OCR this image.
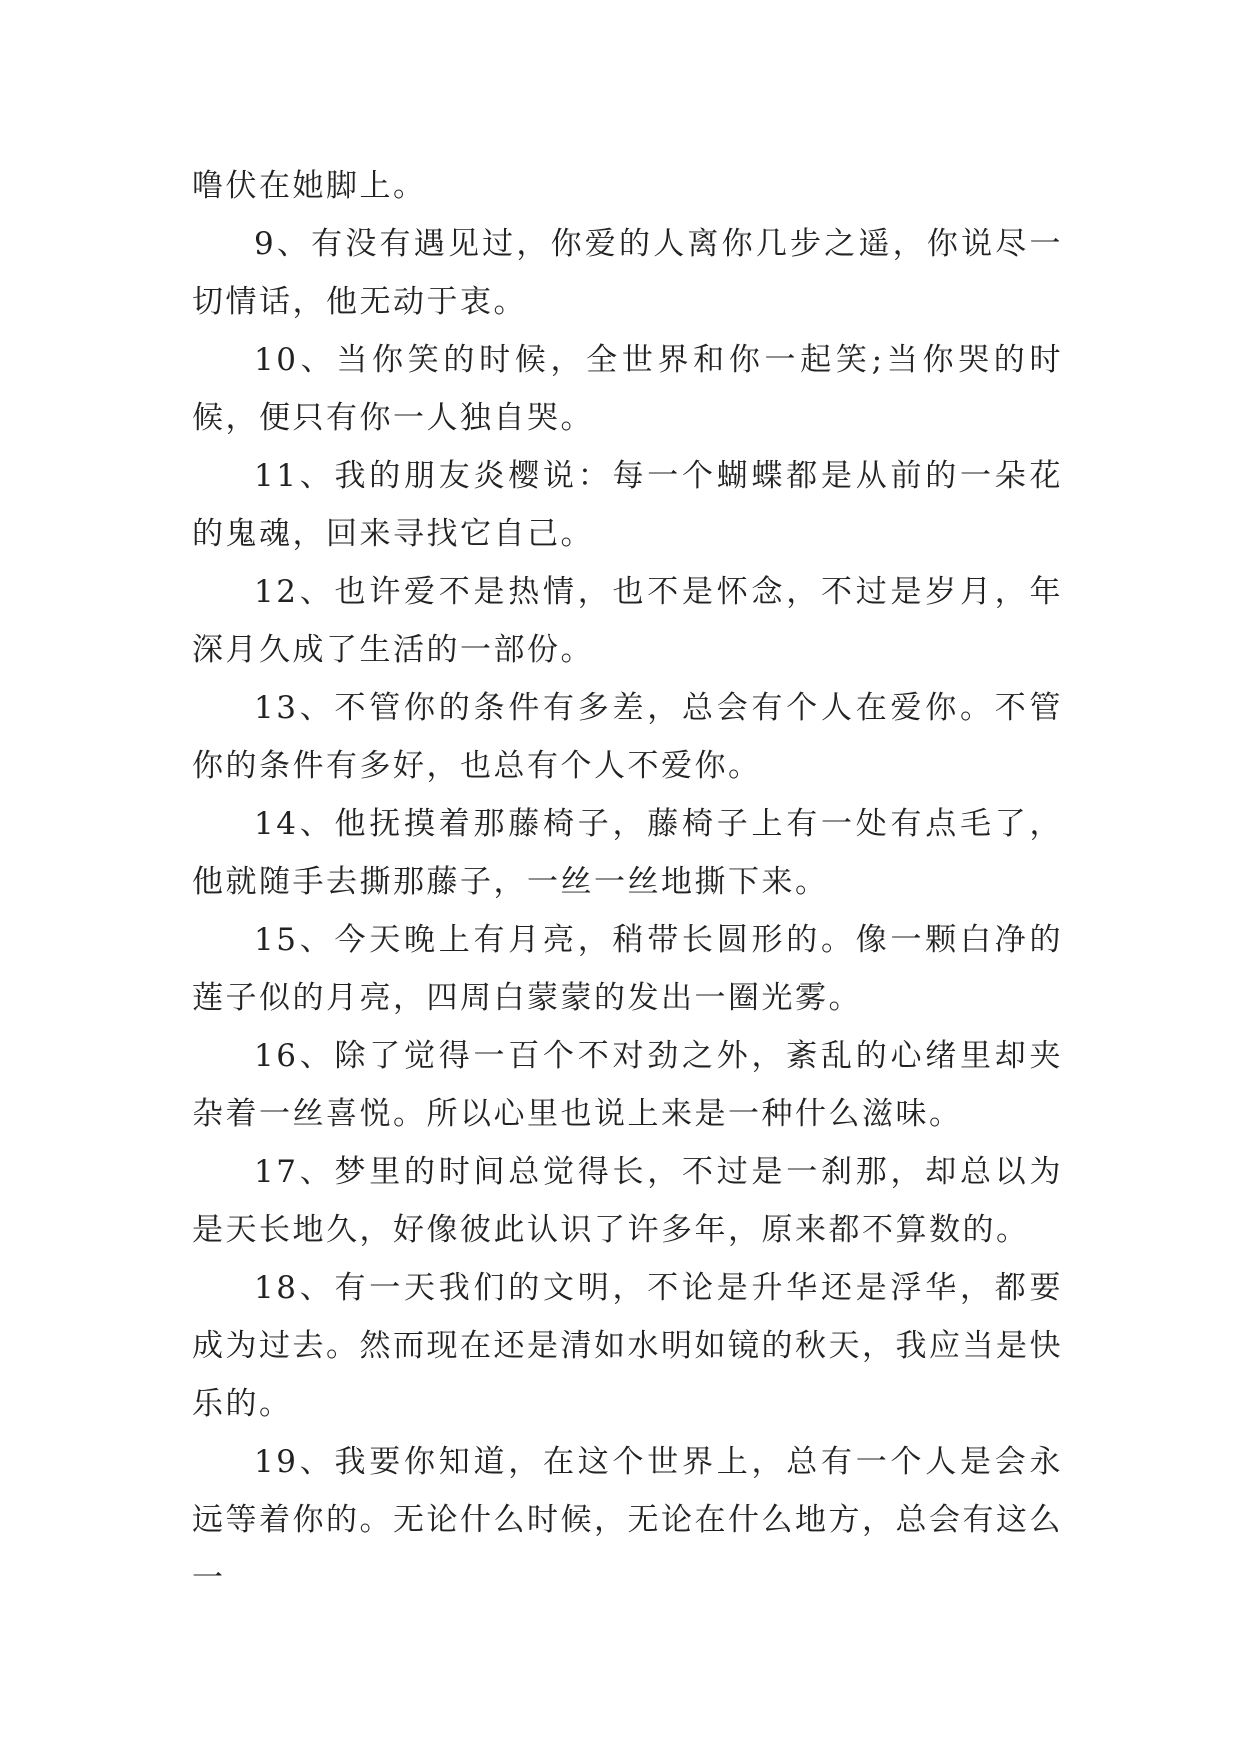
噜伏在她脚上。

9、有没有遇见过，你爱的人离你几步之遥，你说尽一切情话，他无动于衷。

10、当你笑的时候，全世界和你一起笑;当你哭的时候，便只有你一人独自哭。

11、我的朋友炎樱说：每一个蝴蝶都是从前的一朵花的鬼魂，回来寻找它自己。

12、也许爱不是热情，也不是怀念，不过是岁月，年深月久成了生活的一部份。

13、不管你的条件有多差，总会有个人在爱你。不管你的条件有多好，也总有个人不爱你。

14、他抚摸着那藤椅子，藤椅子上有一处有点毛了，他就随手去撕那藤子，一丝一丝地撕下来。

15、今天晚上有月亮，稍带长圆形的。像一颗白净的莲子似的月亮，四周白蒙蒙的发出一圈光雾。

16、除了觉得一百个不对劲之外，紊乱的心绪里却夹杂着一丝喜悦。所以心里也说上来是一种什么滋味。

17、梦里的时间总觉得长，不过是一刹那，却总以为是天长地久，好像彼此认识了许多年，原来都不算数的。

18、有一天我们的文明，不论是升华还是浮华，都要成为过去。然而现在还是清如水明如镜的秋天，我应当是快乐的。

19、我要你知道，在这个世界上，总有一个人是会永远等着你的。无论什么时候，无论在什么地方，总会有这么一
